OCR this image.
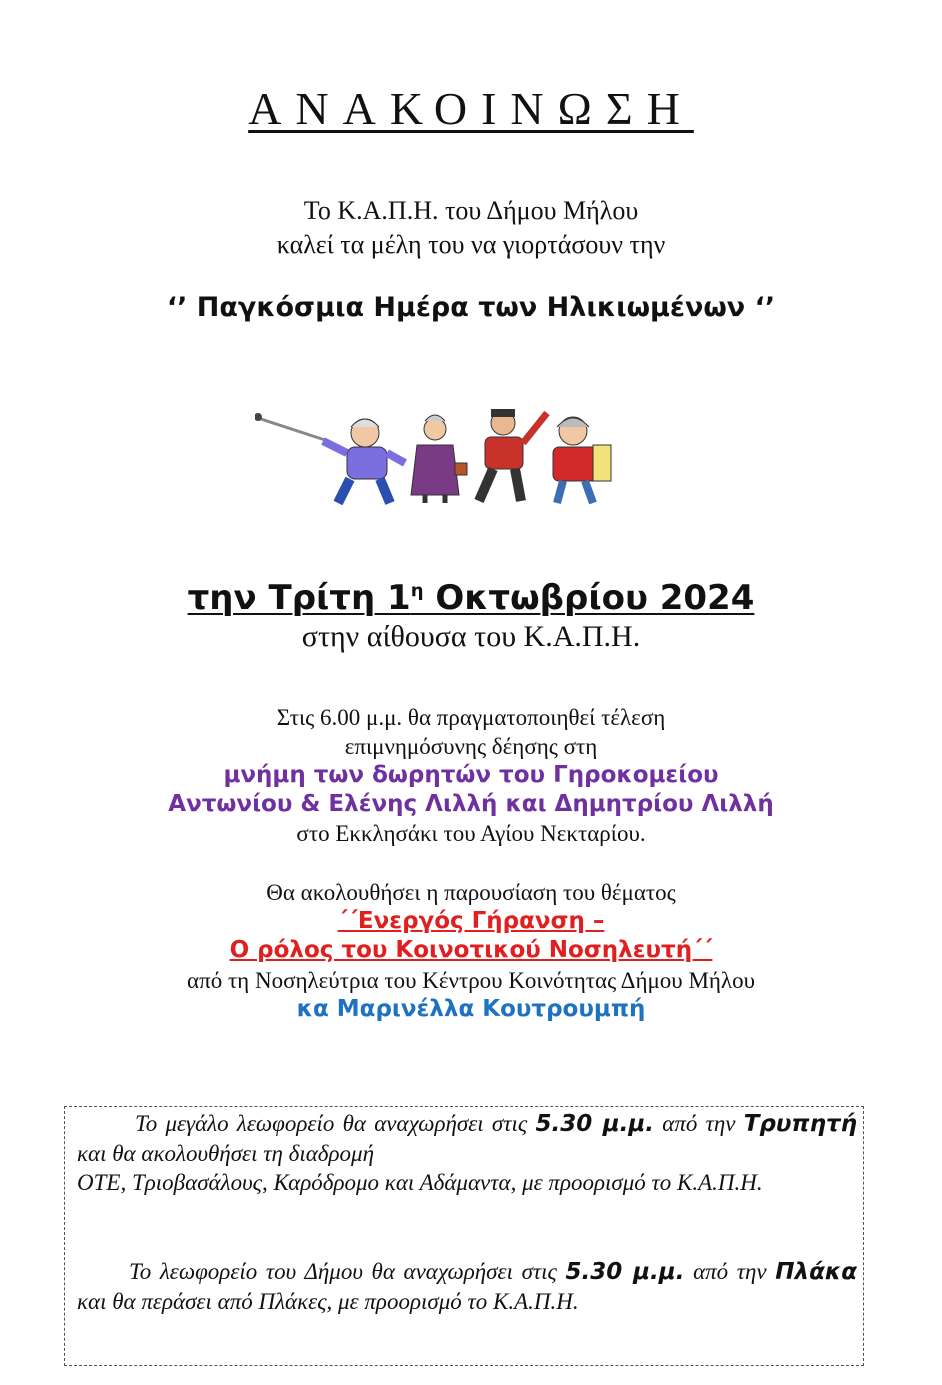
ΑΝΑΚΟΙΝΩΣΗ
Το Κ.Α.Π.Η. του Δήμου Μήλου
καλεί τα μέλη του να γιορτάσουν την
‘’ Παγκόσμια Ημέρα των Ηλικιωμένων ‘’
την Τρίτη $1^\eta$ Οκτωβρίου 2024
στην αίθουσα του Κ.Α.Π.Η.
Στις 6.00 μ.μ. θα πραγματοποιηθεί τέλεση
επιμνημόσυνης δέησης στη
μνήμη των δωρητών του Γηροκομείου
Αντωνίου & Ελένης Λιλλή και Δημητρίου Λιλλή
στο Εκκλησάκι του Αγίου Νεκταρίου.
Θα ακολουθήσει η παρουσίαση του θέματος
΄΄Ενεργός Γήρανση –
Ο ρόλος του Κοινοτικού Νοσηλευτή΄΄
από τη Νοσηλεύτρια του Κέντρου Κοινότητας Δήμου Μήλου
κα Μαρινέλλα Κουτρουμπή
Το μεγάλο λεωφορείο θα αναχωρήσει στις 5.30 μ.μ. από την Τρυπητή και θα ακολουθήσει τη διαδρομή
ΟΤΕ, Τριοβασάλους, Καρόδρομο και Αδάμαντα, με προορισμό το Κ.Α.Π.Η.
Το λεωφορείο του Δήμου θα αναχωρήσει στις 5.30 μ.μ. από την Πλάκα και θα περάσει από Πλάκες, με προορισμό το Κ.Α.Π.Η.
